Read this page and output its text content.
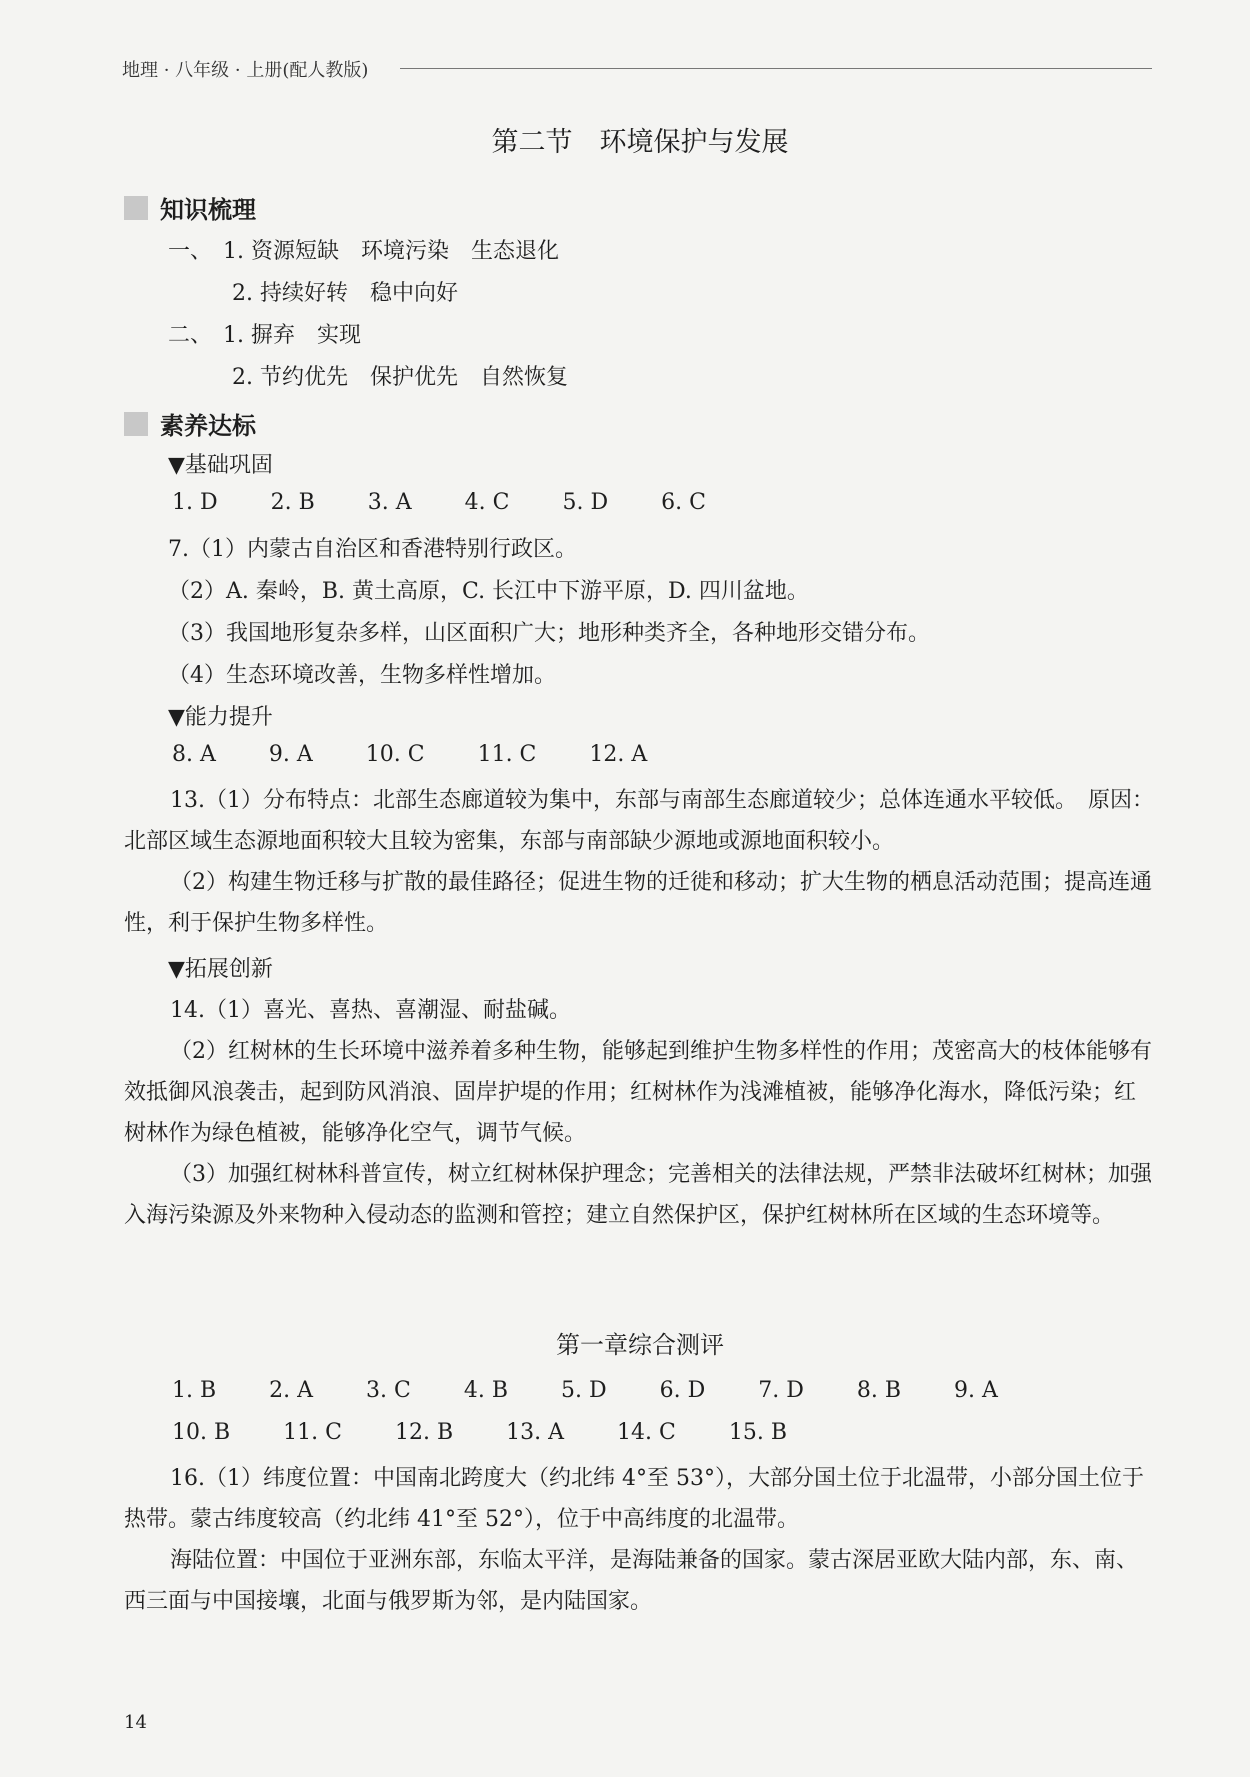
地理 · 八年级 · 上册(配人教版)
第二节　环境保护与发展
知识梳理
一、　1. 资源短缺　环境污染　生态退化
2. 持续好转　稳中向好
二、　1. 摒弃　实现
2. 节约优先　保护优先　自然恢复
素养达标
▼基础巩固
1. D 2. B 3. A 4. C 5. D 6. C
7.（1）内蒙古自治区和香港特别行政区。
（2）A. 秦岭，B. 黄土高原，C. 长江中下游平原，D. 四川盆地。
（3）我国地形复杂多样，山区面积广大；地形种类齐全，各种地形交错分布。
（4）生态环境改善，生物多样性增加。
▼能力提升
8. A 9. A 10. C 11. C 12. A

13.（1）分布特点：北部生态廊道较为集中，东部与南部生态廊道较少；总体连通水平较低。　原因：北部区域生态源地面积较大且较为密集，东部与南部缺少源地或源地面积较小。

（2）构建生物迁移与扩散的最佳路径；促进生物的迁徙和移动；扩大生物的栖息活动范围；提高连通性，利于保护生物多样性。

▼拓展创新

14.（1）喜光、喜热、喜潮湿、耐盐碱。

（2）红树林的生长环境中滋养着多种生物，能够起到维护生物多样性的作用；茂密高大的枝体能够有效抵御风浪袭击，起到防风消浪、固岸护堤的作用；红树林作为浅滩植被，能够净化海水，降低污染；红树林作为绿色植被，能够净化空气，调节气候。

（3）加强红树林科普宣传，树立红树林保护理念；完善相关的法律法规，严禁非法破坏红树林；加强入海污染源及外来物种入侵动态的监测和管控；建立自然保护区，保护红树林所在区域的生态环境等。

第一章综合测评
1. B 2. A 3. C 4. B 5. D 6. D 7. D 8. B 9. A
10. B 11. C 12. B 13. A 14. C 15. B

16.（1）纬度位置：中国南北跨度大（约北纬 4°至 53°），大部分国土位于北温带，小部分国土位于热带。蒙古纬度较高（约北纬 41°至 52°），位于中高纬度的北温带。

海陆位置：中国位于亚洲东部，东临太平洋，是海陆兼备的国家。蒙古深居亚欧大陆内部，东、南、西三面与中国接壤，北面与俄罗斯为邻，是内陆国家。

14
